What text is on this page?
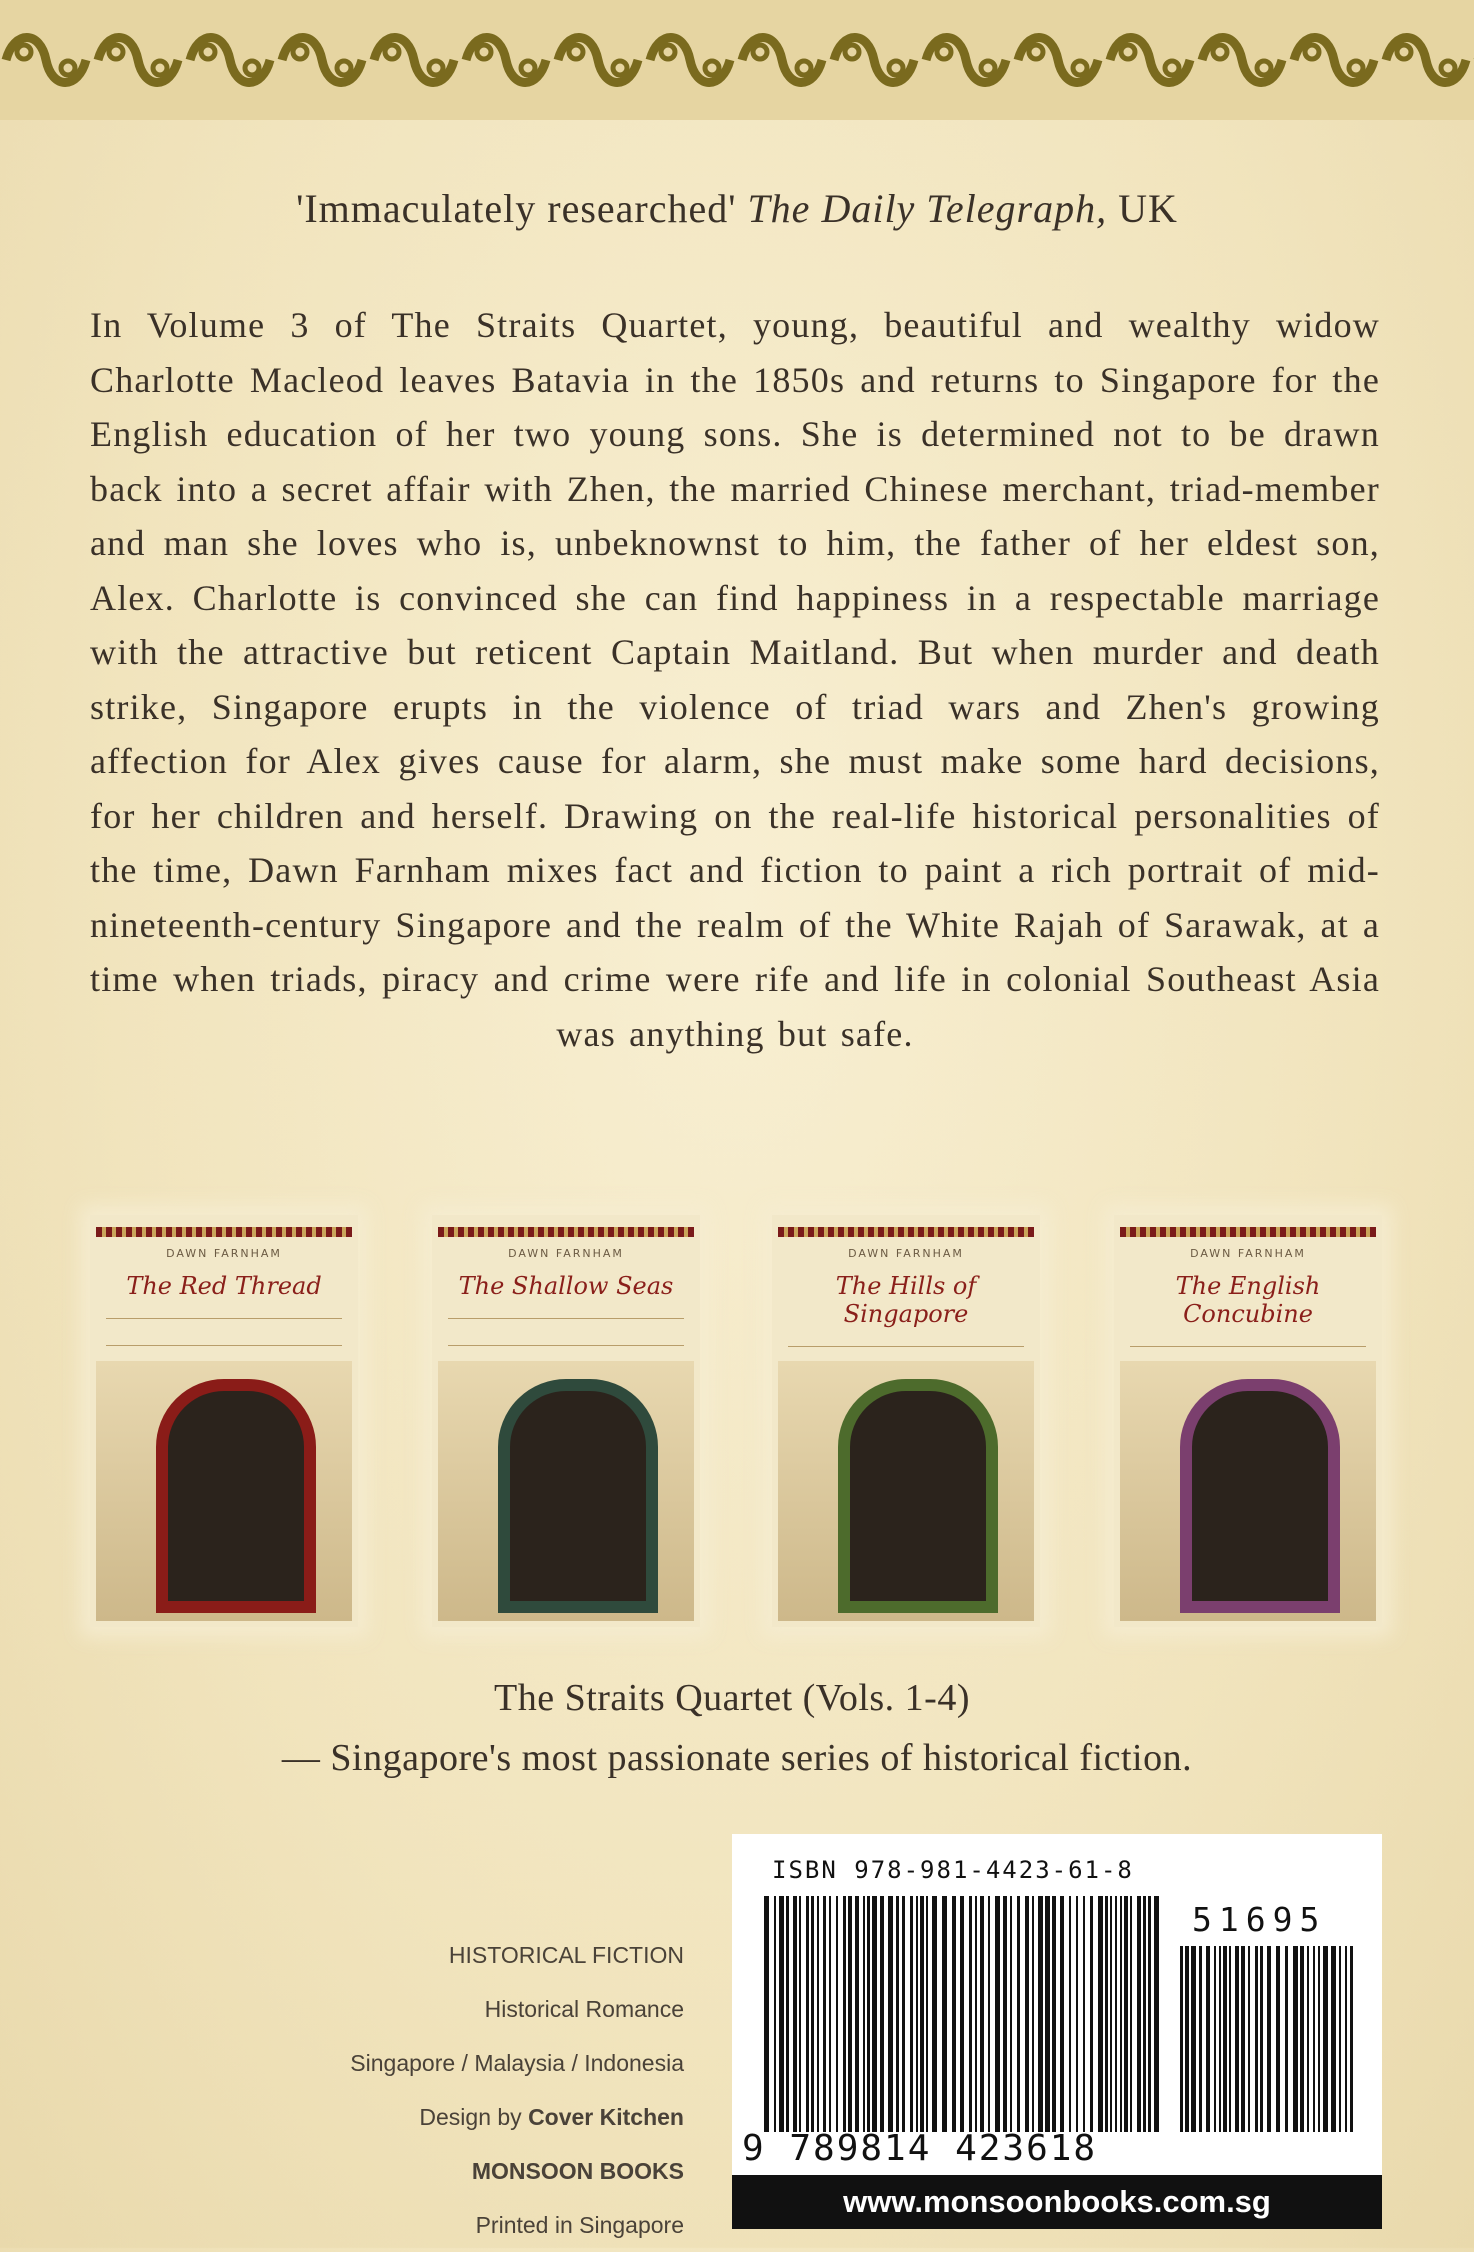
'Immaculately researched' The Daily Telegraph, UK

In Volume 3 of The Straits Quartet, young, beautiful and wealthy widow Charlotte Macleod leaves Batavia in the 1850s and returns to Singapore for the English education of her two young sons. She is determined not to be drawn back into a secret affair with Zhen, the married Chinese merchant, triad-member and man she loves who is, unbeknownst to him, the father of her eldest son, Alex. Charlotte is convinced she can find happiness in a respectable marriage with the attractive but reticent Captain Maitland. But when murder and death strike, Singapore erupts in the violence of triad wars and Zhen's growing affection for Alex gives cause for alarm, she must make some hard decisions, for her children and herself. Drawing on the real-life historical personalities of the time, Dawn Farnham mixes fact and fiction to paint a rich portrait of mid-nineteenth-century Singapore and the realm of the White Rajah of Sarawak, at a time when triads, piracy and crime were rife and life in colonial Southeast Asia was anything but safe.

DAWN FARNHAM
The Red Thread
DAWN FARNHAM
The Shallow Seas
DAWN FARNHAM
The Hills of Singapore
DAWN FARNHAM
The English Concubine
The Straits Quartet (Vols. 1-4)
— Singapore's most passionate series of historical fiction.
HISTORICAL FICTION
Historical Romance
Singapore / Malaysia / Indonesia
Design by Cover Kitchen
MONSOON BOOKS
Printed in Singapore
ISBN 978-981-4423-61-8
51695
9 789814 423618
www.monsoonbooks.com.sg
